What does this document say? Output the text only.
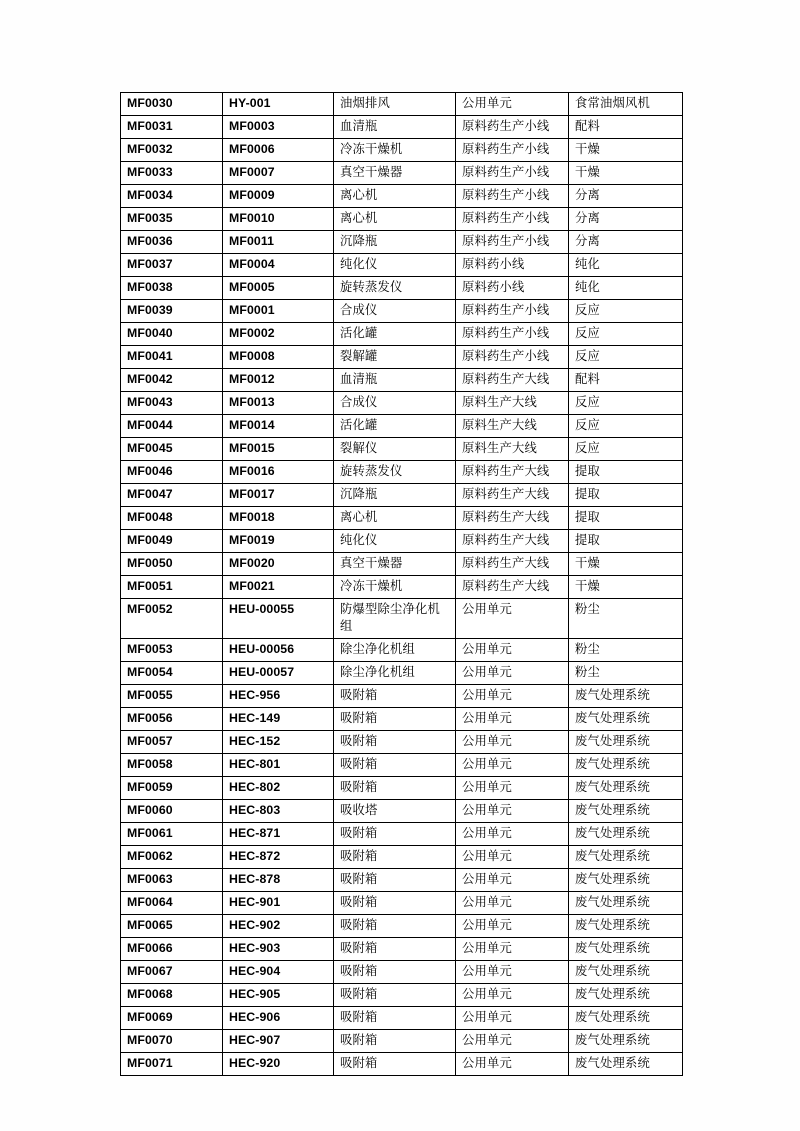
MF0030	HY-001	油烟排风	公用单元	食常油烟风机
MF0031	MF0003	血清瓶	原料药生产小线	配料
MF0032	MF0006	冷冻干燥机	原料药生产小线	干燥
MF0033	MF0007	真空干燥器	原料药生产小线	干燥
MF0034	MF0009	离心机	原料药生产小线	分离
MF0035	MF0010	离心机	原料药生产小线	分离
MF0036	MF0011	沉降瓶	原料药生产小线	分离
MF0037	MF0004	纯化仪	原料药小线	纯化
MF0038	MF0005	旋转蒸发仪	原料药小线	纯化
MF0039	MF0001	合成仪	原料药生产小线	反应
MF0040	MF0002	活化罐	原料药生产小线	反应
MF0041	MF0008	裂解罐	原料药生产小线	反应
MF0042	MF0012	血清瓶	原料药生产大线	配料
MF0043	MF0013	合成仪	原料生产大线	反应
MF0044	MF0014	活化罐	原料生产大线	反应
MF0045	MF0015	裂解仪	原料生产大线	反应
MF0046	MF0016	旋转蒸发仪	原料药生产大线	提取
MF0047	MF0017	沉降瓶	原料药生产大线	提取
MF0048	MF0018	离心机	原料药生产大线	提取
MF0049	MF0019	纯化仪	原料药生产大线	提取
MF0050	MF0020	真空干燥器	原料药生产大线	干燥
MF0051	MF0021	冷冻干燥机	原料药生产大线	干燥
MF0052	HEU-00055	防爆型除尘净化机组	公用单元	粉尘
MF0053	HEU-00056	除尘净化机组	公用单元	粉尘
MF0054	HEU-00057	除尘净化机组	公用单元	粉尘
MF0055	HEC-956	吸附箱	公用单元	废气处理系统
MF0056	HEC-149	吸附箱	公用单元	废气处理系统
MF0057	HEC-152	吸附箱	公用单元	废气处理系统
MF0058	HEC-801	吸附箱	公用单元	废气处理系统
MF0059	HEC-802	吸附箱	公用单元	废气处理系统
MF0060	HEC-803	吸收塔	公用单元	废气处理系统
MF0061	HEC-871	吸附箱	公用单元	废气处理系统
MF0062	HEC-872	吸附箱	公用单元	废气处理系统
MF0063	HEC-878	吸附箱	公用单元	废气处理系统
MF0064	HEC-901	吸附箱	公用单元	废气处理系统
MF0065	HEC-902	吸附箱	公用单元	废气处理系统
MF0066	HEC-903	吸附箱	公用单元	废气处理系统
MF0067	HEC-904	吸附箱	公用单元	废气处理系统
MF0068	HEC-905	吸附箱	公用单元	废气处理系统
MF0069	HEC-906	吸附箱	公用单元	废气处理系统
MF0070	HEC-907	吸附箱	公用单元	废气处理系统
MF0071	HEC-920	吸附箱	公用单元	废气处理系统
